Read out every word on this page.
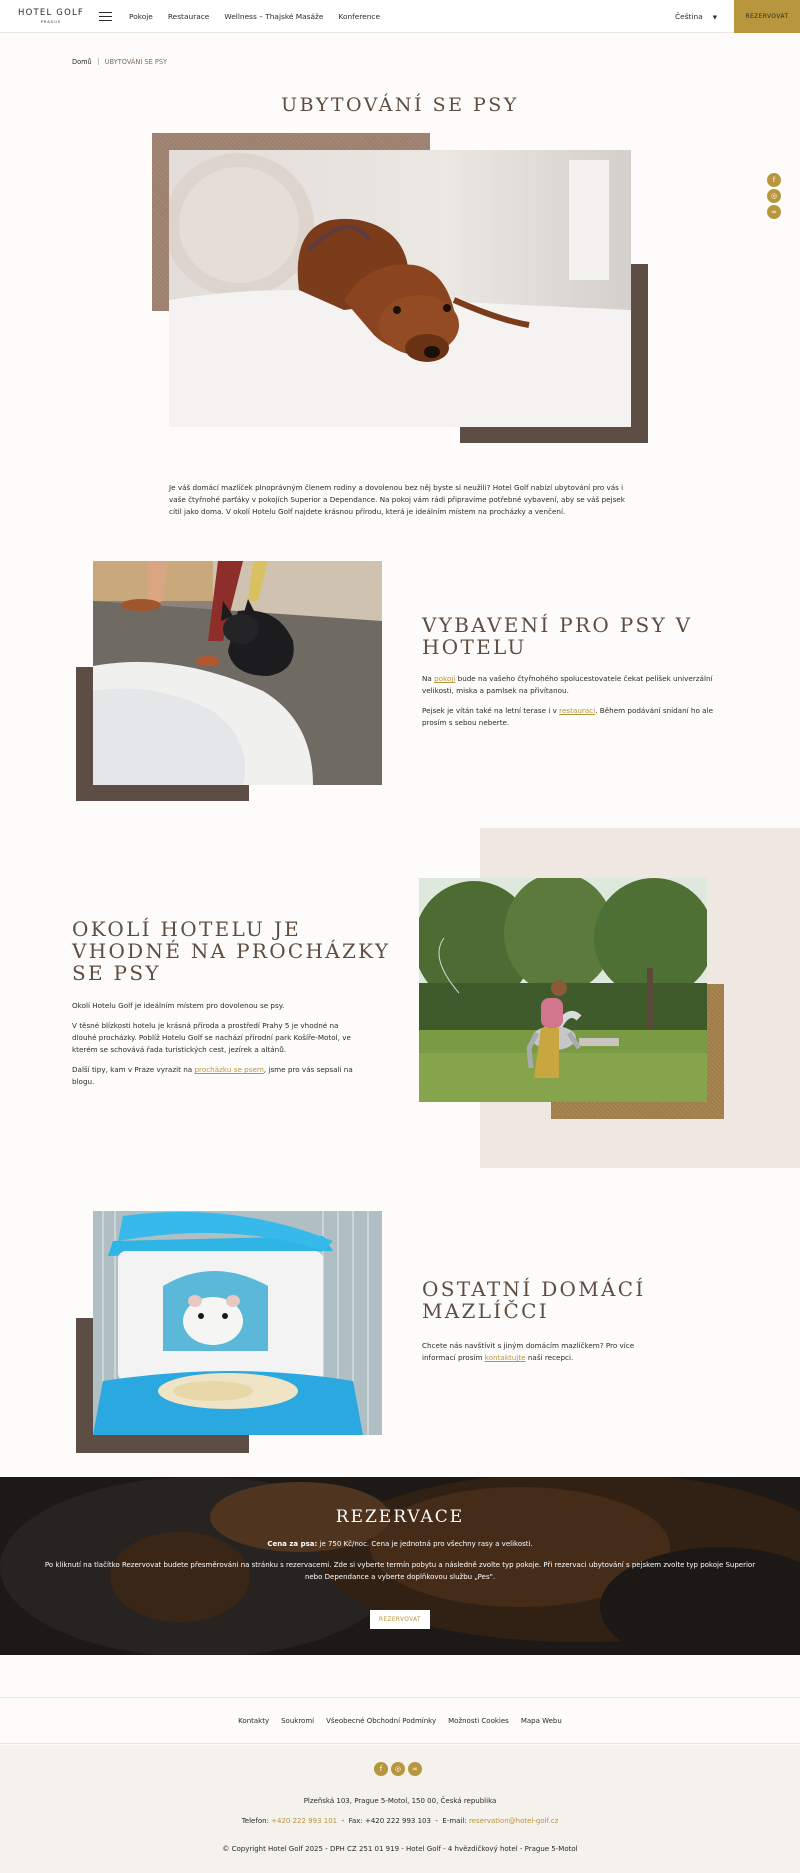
HOTEL GOLF
PRAGUE
Pokoje Restaurace Wellness – Thajské Masáže Konference	Čeština ▼	REZERVOVAT
Domů UBYTOVÁNÍ SE PSY
UBYTOVÁNÍ SE PSY
f
◎
∞

Je váš domácí mazlíček plnoprávným členem rodiny a dovolenou bez něj byste si neužili? Hotel Golf nabízí ubytování pro vás i vaše čtyřnohé parťáky v pokojích Superior a Dependance. Na pokoj vám rádi připravíme potřebné vybavení, aby se váš pejsek cítil jako doma. V okolí Hotelu Golf najdete krásnou přírodu, která je ideálním místem na procházky a venčení.

VYBAVENÍ PRO PSY V HOTELU

Na pokoji bude na vašeho čtyřnohého spolucestovatele čekat pelíšek univerzální velikosti, miska a pamlsek na přivítanou.

Pejsek je vítán také na letní terase i v restauraci. Během podávání snídaní ho ale prosím s sebou neberte.

OKOLÍ HOTELU JE VHODNÉ NA PROCHÁZKY SE PSY

Okolí Hotelu Golf je ideálním místem pro dovolenou se psy.

V těsné blízkosti hotelu je krásná příroda a prostředí Prahy 5 je vhodné na dlouhé procházky. Poblíž Hotelu Golf se nachází přírodní park Košíře-Motol, ve kterém se schovává řada turistických cest, jezírek a altánů.

Další tipy, kam v Praze vyrazit na procházku se psem, jsme pro vás sepsali na blogu.

OSTATNÍ DOMÁCÍ MAZLÍČCI

Chcete nás navštívit s jiným domácím mazlíčkem? Pro více informací prosím kontaktujte naši recepci.

REZERVACE
Cena za psa: je 750 Kč/noc. Cena je jednotná pro všechny rasy a velikosti.
Po kliknutí na tlačítko Rezervovat budete přesměrováni na stránku s rezervacemi. Zde si vyberte termín pobytu a následně zvolte typ pokoje. Při rezervaci ubytování s pejskem zvolte typ pokoje Superior nebo Dependance a vyberte doplňkovou službu „Pes".
REZERVOVAT
Kontakty Soukromí Všeobecné Obchodní Podmínky Možnosti Cookies Mapa Webu
f	◎	∞
Plzeňská 103, Prague 5-Motol, 150 00, Česká republika
Telefon: +420 222 993 101  -  Fax: +420 222 993 103  -  E-mail: reservation@hotel-golf.cz
© Copyright Hotel Golf 2025 - DPH CZ 251 01 919 - Hotel Golf - 4 hvězdičkový hotel - Prague 5-Motol
